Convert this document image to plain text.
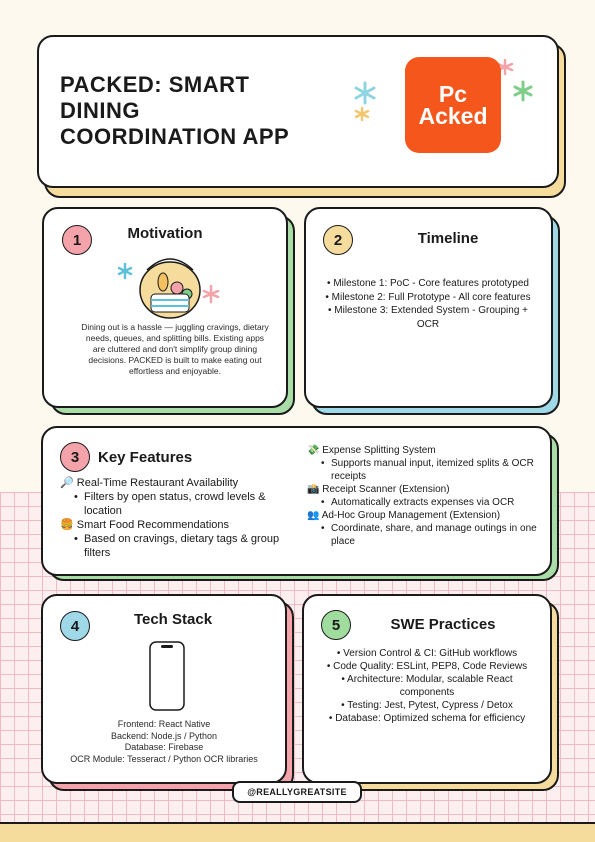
PACKED: SMART
DINING
COORDINATION APP
Pc
Acked
1	Motivation
Dining out is a hassle — juggling cravings, dietary needs, queues, and splitting bills. Existing apps are cluttered and don't simplify group dining decisions. PACKED is built to make eating out effortless and enjoyable.
2	Timeline
• Milestone 1: PoC - Core features prototyped
• Milestone 2: Full Prototype - All core features
• Milestone 3: Extended System - Grouping + OCR
3	Key Features
🔎 Real-Time Restaurant Availability
• Filters by open status, crowd levels & location
🍔 Smart Food Recommendations
• Based on cravings, dietary tags & group filters
💸 Expense Splitting System
• Supports manual input, itemized splits & OCR receipts
📸 Receipt Scanner (Extension)
• Automatically extracts expenses via OCR
👥 Ad-Hoc Group Management (Extension)
• Coordinate, share, and manage outings in one place
4	Tech Stack
Frontend: React Native
Backend: Node.js / Python
Database: Firebase
OCR Module: Tesseract / Python OCR libraries
5	SWE Practices
• Version Control & CI: GitHub workflows
• Code Quality: ESLint, PEP8, Code Reviews
• Architecture: Modular, scalable React components
• Testing: Jest, Pytest, Cypress / Detox
• Database: Optimized schema for efficiency
@REALLYGREATSITE
